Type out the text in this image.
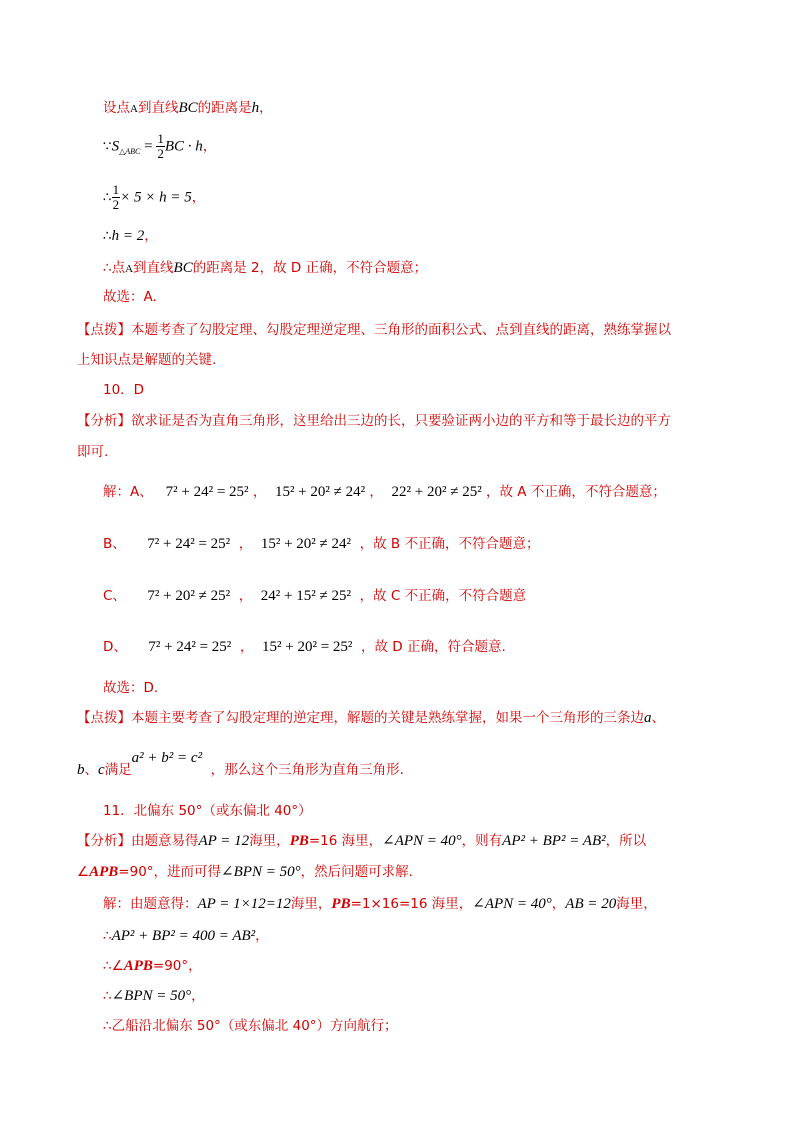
设点A到直线BC的距离是h，
$\because S_{\triangle ABC} = \frac{1}{2}$ BC · h，
∴ $\frac{1}{2} \times 5 \times h = 5$，
∴h = 2，
∴点A到直线BC的距离是 2，故 D 正确，不符合题意；
故选：A.
【点拨】本题考查了勾股定理、勾股定理逆定理、三角形的面积公式、点到直线的距离，熟练掌握以
上知识点是解题的关键.
10．D
【分析】欲求证是否为直角三角形，这里给出三边的长，只要验证两小边的平方和等于最长边的平方
即可.
解：A、 7² + 24² = 25² ， 15² + 20² ≠ 24² ， 22² + 20² ≠ 25² ，故 A 不正确，不符合题意；
B、 7² + 24² = 25² ， 15² + 20² ≠ 24² ，故 B 不正确，不符合题意；
C、 7² + 20² ≠ 25² ， 24² + 15² ≠ 25² ，故 C 不正确，不符合题意
D、 7² + 24² = 25² ， 15² + 20² = 25² ，故 D 正确，符合题意.
故选：D.
【点拨】本题主要考查了勾股定理的逆定理，解题的关键是熟练掌握，如果一个三角形的三条边a、
b、c满足a² + b² = c²  ，那么这个三角形为直角三角形.
11．北偏东 50°（或东偏北 40°）
【分析】由题意易得AP = 12海里，PB=16 海里，∠APN = 40°，则有AP² + BP² = AB²，所以
∠APB=90°，进而可得∠BPN = 50°，然后问题可求解.
解：由题意得：AP = 1×12=12海里，PB=1×16=16 海里，∠APN = 40°，AB = 20海里，
∴AP² + BP² = 400 = AB²，
∴∠APB=90°，
∴∠BPN = 50°，
∴乙船沿北偏东 50°（或东偏北 40°）方向航行；
